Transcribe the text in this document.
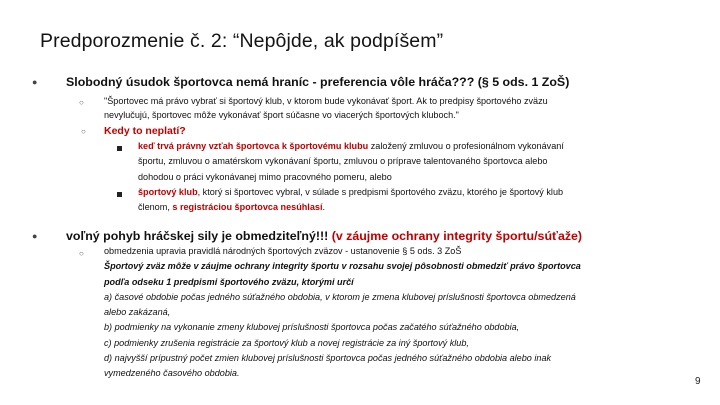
Predporozmenie č. 2: “Nepôjde, ak podpíšem”
● Slobodný úsudok športovca nemá hraníc - preferencia vôle hráča??? (§ 5 ods. 1 ZoŠ)
○ "Športovec má právo vybrať si športový klub, v ktorom bude vykonávať šport. Ak to predpisy športového zväzu
nevylučujú, športovec môže vykonávať šport súčasne vo viacerých športových kluboch."
○ Kedy to neplatí?
keď trvá právny vzťah športovca k športovému klubu založený zmluvou o profesionálnom vykonávaní
športu, zmluvou o amatérskom vykonávaní športu, zmluvou o príprave talentovaného športovca alebo
dohodou o práci vykonávanej mimo pracovného pomeru, alebo
športový klub, ktorý si športovec vybral, v súlade s predpismi športového zväzu, ktorého je športový klub
členom, s registráciou športovca nesúhlasí.
● voľný pohyb hráčskej sily je obmedziteľný!!! (v záujme ochrany integrity športu/súťaže)
○ obmedzenia upravia pravidlá národných športových zväzov - ustanovenie § 5 ods. 3 ZoŠ
Športový zväz môže v záujme ochrany integrity športu v rozsahu svojej pôsobnosti obmedziť právo športovca
podľa odseku 1 predpismi športového zväzu, ktorými určí
a) časové obdobie počas jedného súťažného obdobia, v ktorom je zmena klubovej príslušnosti športovca obmedzená
alebo zakázaná,
b) podmienky na vykonanie zmeny klubovej príslušnosti športovca počas začatého súťažného obdobia,
c) podmienky zrušenia registrácie za športový klub a novej registrácie za iný športový klub,
d) najvyšší prípustný počet zmien klubovej príslušnosti športovca počas jedného súťažného obdobia alebo inak
vymedzeného časového obdobia.
9
